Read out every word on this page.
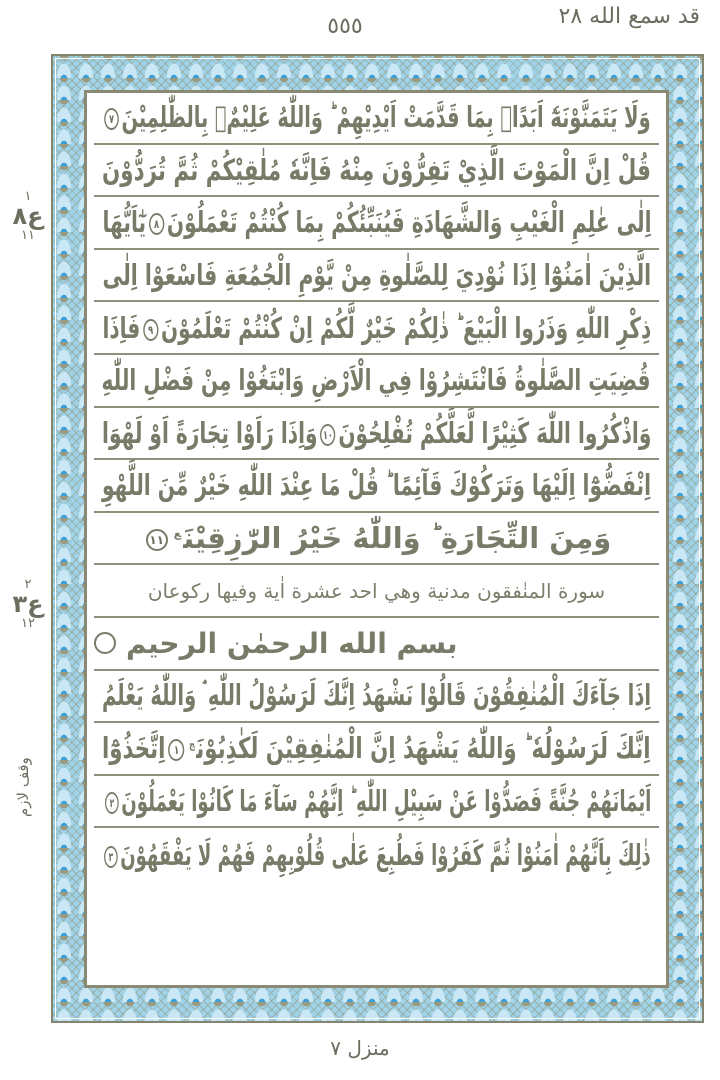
قد سمع الله ٢٨
٥٥٥
١
ع٨
١١
٢
ع٣
١٢
وقف لازم
وَلَا يَتَمَنَّوْنَهٗٓ اَبَدًاۢ بِمَا قَدَّمَتْ اَيْدِيْهِمْ ؕ وَاللّٰهُ عَلِيْمٌۢ بِالظّٰلِمِيْنَ٧
قُلْ اِنَّ الْمَوْتَ الَّذِيْ تَفِرُّوْنَ مِنْهُ فَاِنَّهٗ مُلٰقِيْكُمْ ثُمَّ تُرَدُّوْنَ
اِلٰى عٰلِمِ الْغَيْبِ وَالشَّهَادَةِ فَيُنَبِّئُكُمْ بِمَا كُنْتُمْ تَعْمَلُوْنَ٨يٰٓاَيُّهَا
الَّذِيْنَ اٰمَنُوْٓا اِذَا نُوْدِيَ لِلصَّلٰوةِ مِنْ يَّوْمِ الْجُمُعَةِ فَاسْعَوْا اِلٰى
ذِكْرِ اللّٰهِ وَذَرُوا الْبَيْعَ ؕ ذٰلِكُمْ خَيْرٌ لَّكُمْ اِنْ كُنْتُمْ تَعْلَمُوْنَ٩فَاِذَا
قُضِيَتِ الصَّلٰوةُ فَانْتَشِرُوْا فِي الْاَرْضِ وَابْتَغُوْا مِنْ فَضْلِ اللّٰهِ
وَاذْكُرُوا اللّٰهَ كَثِيْرًا لَّعَلَّكُمْ تُفْلِحُوْنَ١٠وَاِذَا رَاَوْا تِجَارَةً اَوْ لَهْوَا
اِنْفَضُّوْٓا اِلَيْهَا وَتَرَكُوْكَ قَآئِمًا ؕ قُلْ مَا عِنْدَ اللّٰهِ خَيْرٌ مِّنَ اللَّهْوِ
وَمِنَ التِّجَارَةِ ؕ وَاللّٰهُ خَيْرُ الرّٰزِقِيْنَ$^ع$١١
سورة المنٰفقون مدنية وهي احد عشرة اٰية وفيها ركوعان
بسم الله الرحمٰن الرحيم
اِذَا جَآءَكَ الْمُنٰفِقُوْنَ قَالُوْا نَشْهَدُ اِنَّكَ لَرَسُوْلُ اللّٰهِ ۘ وَاللّٰهُ يَعْلَمُ
اِنَّكَ لَرَسُوْلُهٗ ؕ وَاللّٰهُ يَشْهَدُ اِنَّ الْمُنٰفِقِيْنَ لَكٰذِبُوْنَ$^ج$١اِتَّخَذُوْٓا
اَيْمَانَهُمْ جُنَّةً فَصَدُّوْا عَنْ سَبِيْلِ اللّٰهِ ؕ اِنَّهُمْ سَآءَ مَا كَانُوْا يَعْمَلُوْنَ٢
ذٰلِكَ بِاَنَّهُمْ اٰمَنُوْا ثُمَّ كَفَرُوْا فَطُبِعَ عَلٰى قُلُوْبِهِمْ فَهُمْ لَا يَفْقَهُوْنَ٣
منزل ٧
